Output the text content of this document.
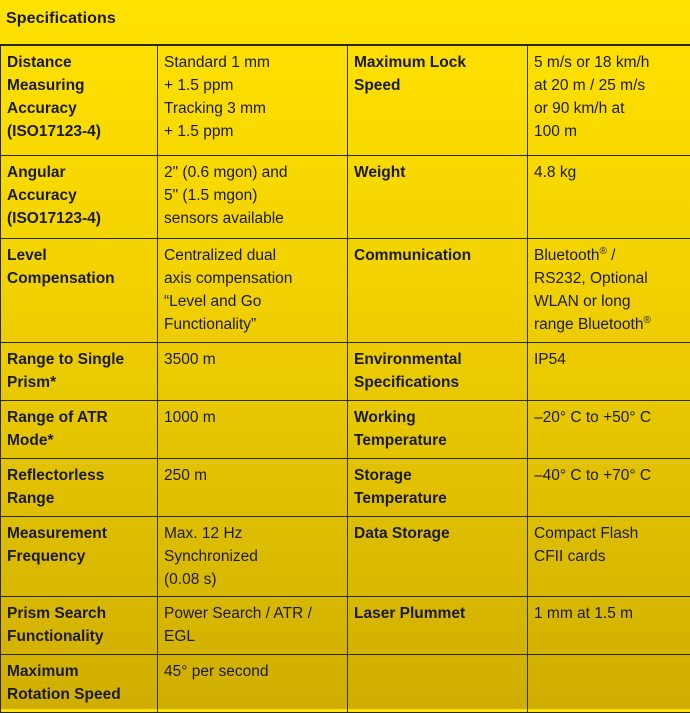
Specifications
Distance
Measuring
Accuracy
(ISO17123-4)	Standard 1 mm
+ 1.5 ppm
Tracking 3 mm
+ 1.5 ppm	Maximum Lock
Speed	5 m/s or 18 km/h
at 20 m / 25 m/s
or 90 km/h at
100 m

Angular
Accuracy
(ISO17123-4)	2" (0.6 mgon) and
5" (1.5 mgon)
sensors available	Weight	4.8 kg

Level
Compensation	Centralized dual
axis compensation
“Level and Go
Functionality”	Communication	Bluetooth® /
RS232, Optional
WLAN or long
range Bluetooth®

Range to Single
Prism*	3500 m	Environmental
Specifications	IP54

Range of ATR
Mode*	1000 m	Working
Temperature	–20° C to +50° C

Reflectorless
Range	250 m	Storage
Temperature	–40° C to +70° C

Measurement
Frequency	Max. 12 Hz
Synchronized
(0.08 s)	Data Storage	Compact Flash
CFII cards

Prism Search
Functionality	Power Search / ATR /
EGL	Laser Plummet	1 mm at 1.5 m

Maximum
Rotation Speed	45° per second		
